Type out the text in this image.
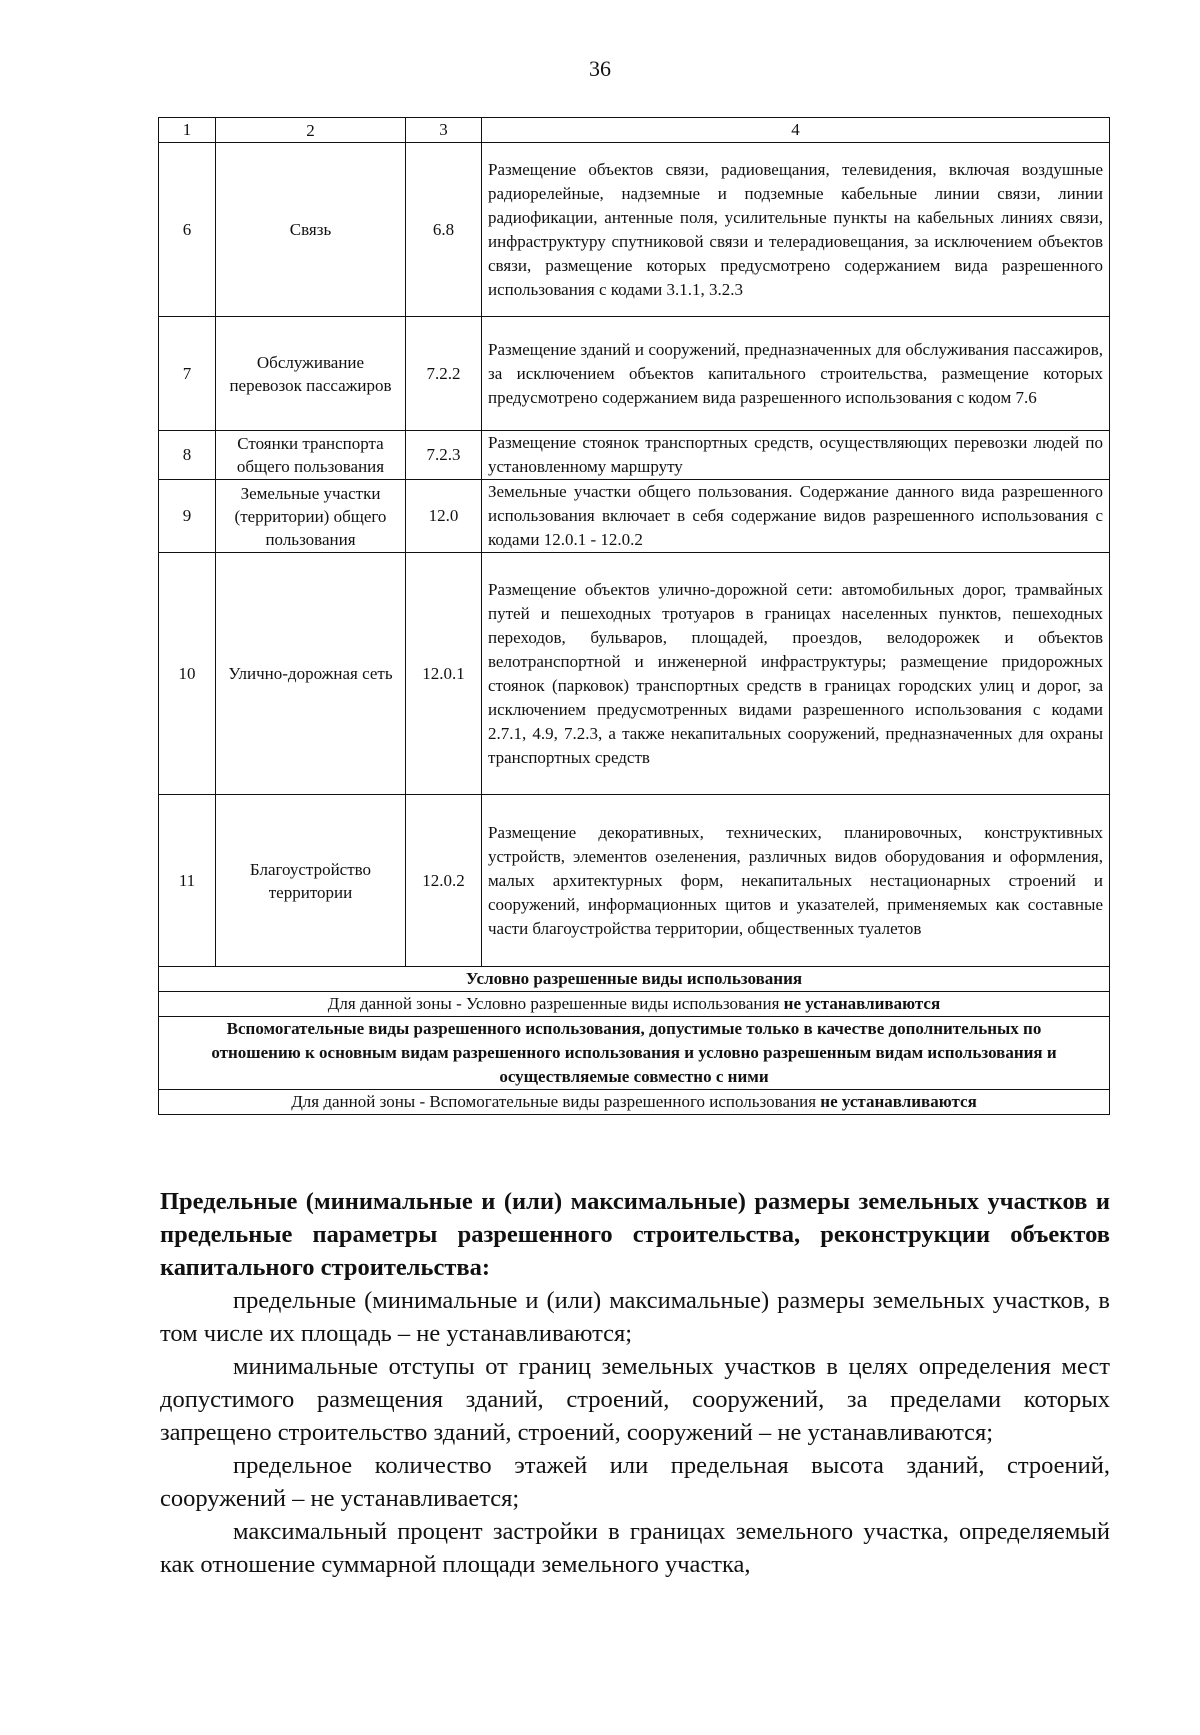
36
1	2	3	4
6	Связь	6.8	Размещение объектов связи, радиовещания, телевидения, включая воздушные радиорелейные, надземные и подземные кабельные линии связи, линии радиофикации, антенные поля, усилительные пункты на кабельных линиях связи, инфраструктуру спутниковой связи и телерадиовещания, за исключением объектов связи, размещение которых предусмотрено содержанием вида разрешенного использования с кодами 3.1.1, 3.2.3
7	Обслуживание перевозок пассажиров	7.2.2	Размещение зданий и сооружений, предназначенных для обслуживания пассажиров, за исключением объектов капитального строительства, размещение которых предусмотрено содержанием вида разрешенного использования с кодом 7.6
8	Стоянки транспорта общего пользования	7.2.3	Размещение стоянок транспортных средств, осуществляющих перевозки людей по установленному маршруту
9	Земельные участки (территории) общего пользования	12.0	Земельные участки общего пользования. Содержание данного вида разрешенного использования включает в себя содержание видов разрешенного использования с кодами 12.0.1 - 12.0.2
10	Улично-дорожная сеть	12.0.1	Размещение объектов улично-дорожной сети: автомобильных дорог, трамвайных путей и пешеходных тротуаров в границах населенных пунктов, пешеходных переходов, бульваров, площадей, проездов, велодорожек и объектов велотранспортной и инженерной инфраструктуры; размещение придорожных стоянок (парковок) транспортных средств в границах городских улиц и дорог, за исключением предусмотренных видами разрешенного использования с кодами 2.7.1, 4.9, 7.2.3, а также некапитальных сооружений, предназначенных для охраны транспортных средств
11	Благоустройство территории	12.0.2	Размещение декоративных, технических, планировочных, конструктивных устройств, элементов озеленения, различных видов оборудования и оформления, малых архитектурных форм, некапитальных нестационарных строений и сооружений, информационных щитов и указателей, применяемых как составные части благоустройства территории, общественных туалетов
Условно разрешенные виды использования			
Для данной зоны - Условно разрешенные виды использования не устанавливаются			
Вспомогательные виды разрешенного использования, допустимые только в качестве дополнительных по отношению к основным видам разрешенного использования и условно разрешенным видам использования и осуществляемые совместно с ними			
Для данной зоны - Вспомогательные виды разрешенного использования не устанавливаются			

Предельные (минимальные и (или) максимальные) размеры земельных участков и предельные параметры разрешенного строительства, реконструкции объектов капитального строительства:

предельные (минимальные и (или) максимальные) размеры земельных участков, в том числе их площадь – не устанавливаются;

минимальные отступы от границ земельных участков в целях определения мест допустимого размещения зданий, строений, сооружений, за пределами которых запрещено строительство зданий, строений, сооружений – не устанавливаются;

предельное количество этажей или предельная высота зданий, строений, сооружений – не устанавливается;

максимальный процент застройки в границах земельного участка, определяемый как отношение суммарной площади земельного участка,
